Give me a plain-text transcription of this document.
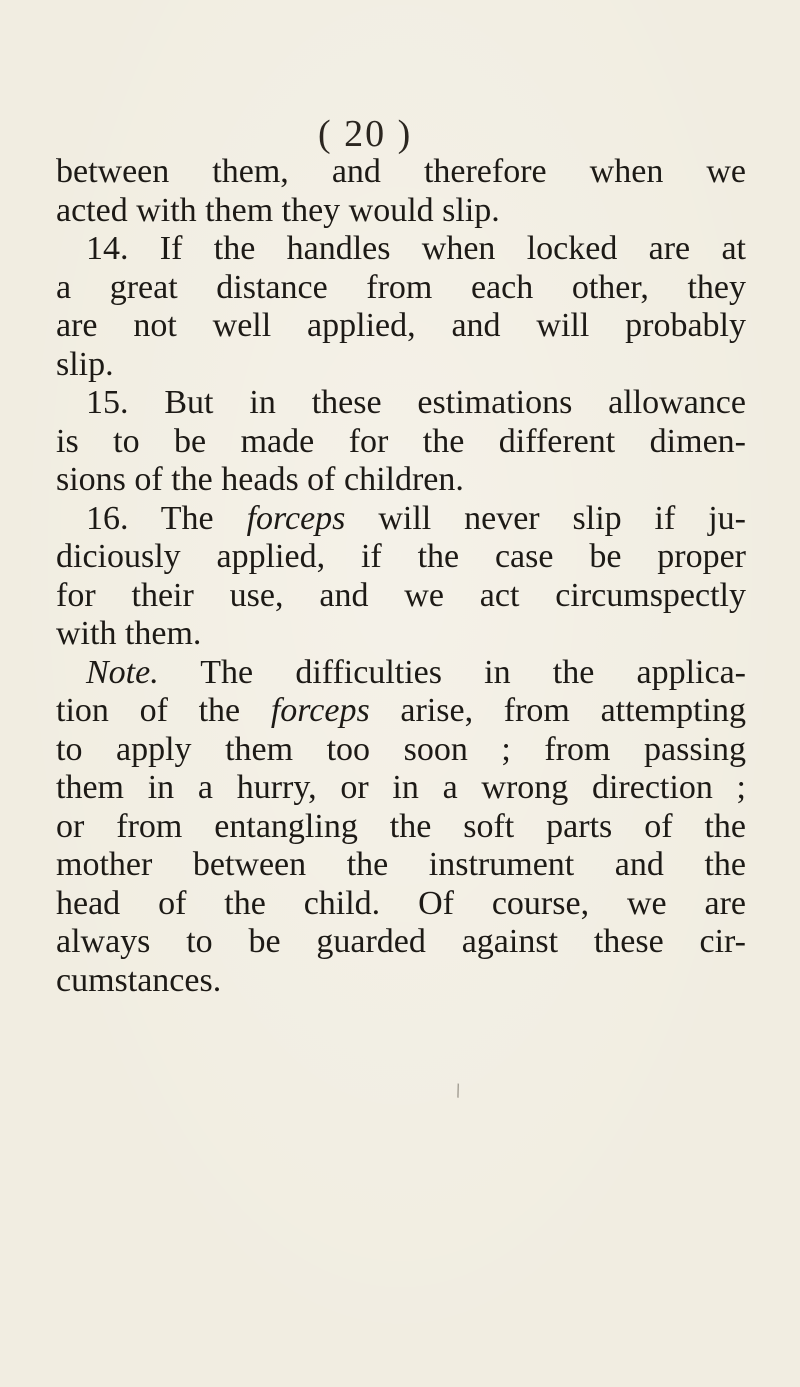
( 20 )
between them, and therefore when we
acted with them they would slip.
14. If the handles when locked are at
a great distance from each other, they
are not well applied, and will probably
slip.
15. But in these estimations allowance
is to be made for the different dimen-
sions of the heads of children.
16. The forceps will never slip if ju-
diciously applied, if the case be proper
for their use, and we act circumspectly
with them.
Note. The difficulties in the applica-
tion of the forceps arise, from attempting
to apply them too soon ; from passing
them in a hurry, or in a wrong direction ;
or from entangling the soft parts of the
mother between the instrument and the
head of the child. Of course, we are
always to be guarded against these cir-
cumstances.
\
